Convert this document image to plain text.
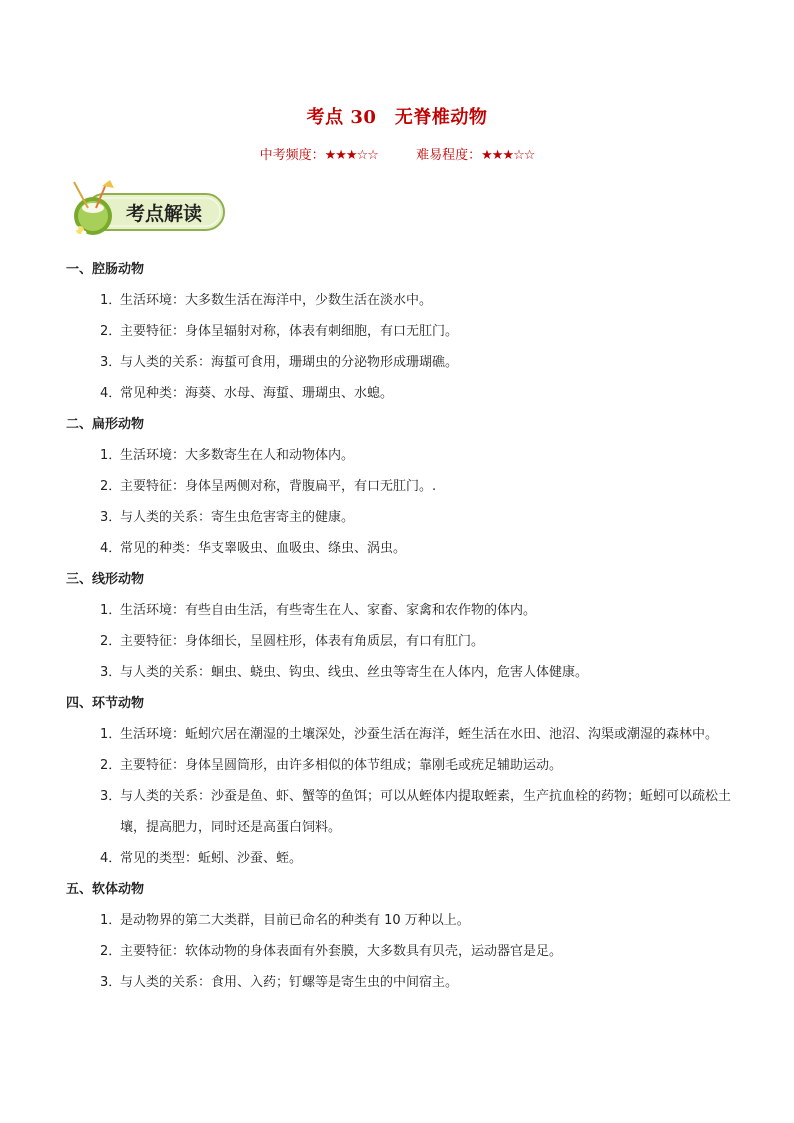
考点 30　无脊椎动物
中考频度：★★★☆☆	难易程度：★★★☆☆
考点解读
一、腔肠动物
1．
生活环境：大多数生活在海洋中，少数生活在淡水中。
2．
主要特征：身体呈辐射对称，体表有刺细胞，有口无肛门。
3．
与人类的关系：海蜇可食用，珊瑚虫的分泌物形成珊瑚礁。
4．
常见种类：海葵、水母、海蜇、珊瑚虫、水螅。
二、扁形动物
1．
生活环境：大多数寄生在人和动物体内。
2．
主要特征：身体呈两侧对称，背腹扁平，有口无肛门。.
3．
与人类的关系：寄生虫危害寄主的健康。
4．
常见的种类：华支睾吸虫、血吸虫、绦虫、涡虫。
三、线形动物
1．
生活环境：有些自由生活，有些寄生在人、家畜、家禽和农作物的体内。
2．
主要特征：身体细长，呈圆柱形，体表有角质层，有口有肛门。
3．
与人类的关系：蛔虫、蛲虫、钩虫、线虫、丝虫等寄生在人体内，危害人体健康。
四、环节动物
1．
生活环境：蚯蚓穴居在潮湿的土壤深处，沙蚕生活在海洋，蛭生活在水田、池沼、沟渠或潮湿的森林中。
2．
主要特征：身体呈圆筒形，由许多相似的体节组成；靠刚毛或疣足辅助运动。
3．
与人类的关系：沙蚕是鱼、虾、蟹等的鱼饵；可以从蛭体内提取蛭素，生产抗血栓的药物；蚯蚓可以疏松土壤，提高肥力，同时还是高蛋白饲料。
4．
常见的类型：蚯蚓、沙蚕、蛭。
五、软体动物
1．
是动物界的第二大类群，目前已命名的种类有 10 万种以上。
2．
主要特征：软体动物的身体表面有外套膜，大多数具有贝壳，运动器官是足。
3．
与人类的关系：食用、入药；钉螺等是寄生虫的中间宿主。
